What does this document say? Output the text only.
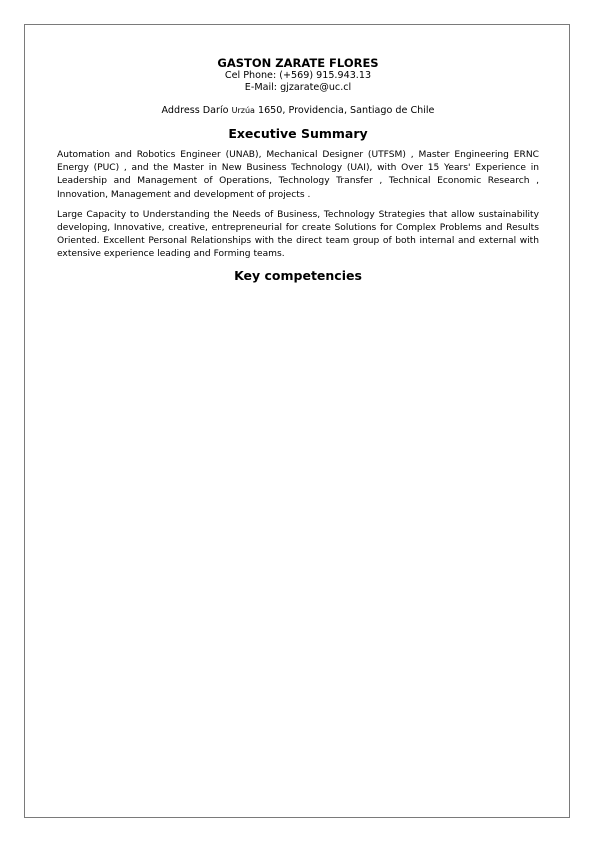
GASTON ZARATE FLORES

Cel Phone: (+569) 915.943.13

E-Mail: gjzarate@uc.cl

Address Darío Urzúa 1650, Providencia, Santiago de Chile

Executive Summary

Automation and Robotics Engineer (UNAB), Mechanical Designer (UTFSM) , Master Engineering ERNC Energy (PUC) , and the Master in New Business Technology (UAI), with Over 15 Years' Experience in Leadership and Management of Operations, Technology Transfer , Technical Economic Research , Innovation, Management and development of projects .

Large Capacity to Understanding the Needs of Business, Technology Strategies that allow sustainability developing, Innovative, creative, entrepreneurial for create Solutions for Complex Problems and Results Oriented. Excellent Personal Relationships with the direct team group of both internal and external with extensive experience leading and Forming teams.

Key competencies
